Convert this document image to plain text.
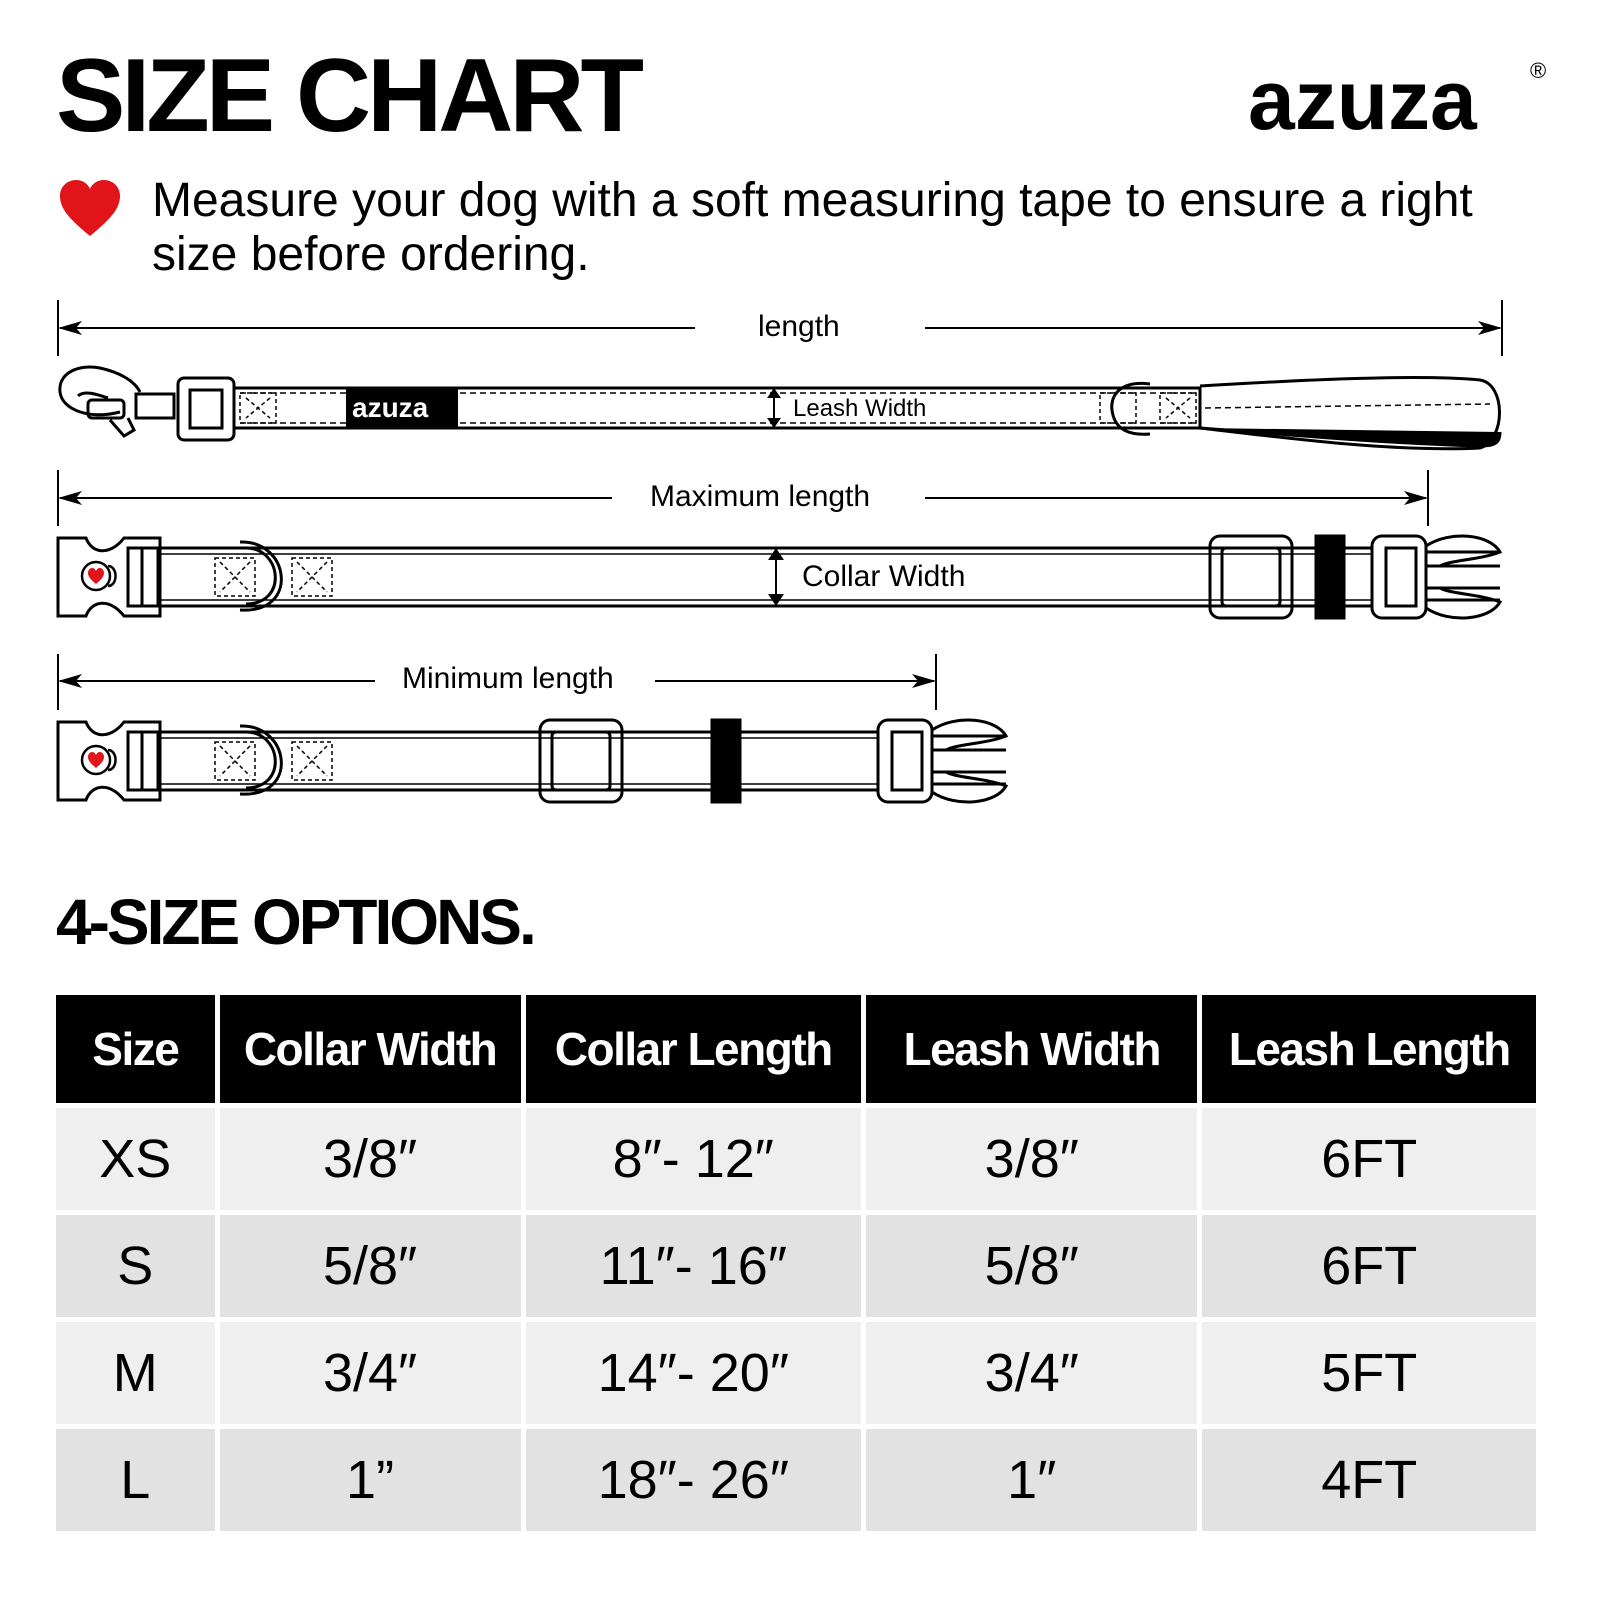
SIZE CHART	azuza ®

Measure your dog with a soft measuring tape to ensure a right size before ordering.

length
Leash Width
azuza
Maximum length
Collar Width
Minimum length
4-SIZE OPTIONS.
Size	Collar Width	Collar Length	Leash Width	Leash Length
XS	3/8″	8″- 12″	3/8″	6FT
S	5/8″	11″- 16″	5/8″	6FT
M	3/4″	14″- 20″	3/4″	5FT
L	1”	18″- 26″	1″	4FT
